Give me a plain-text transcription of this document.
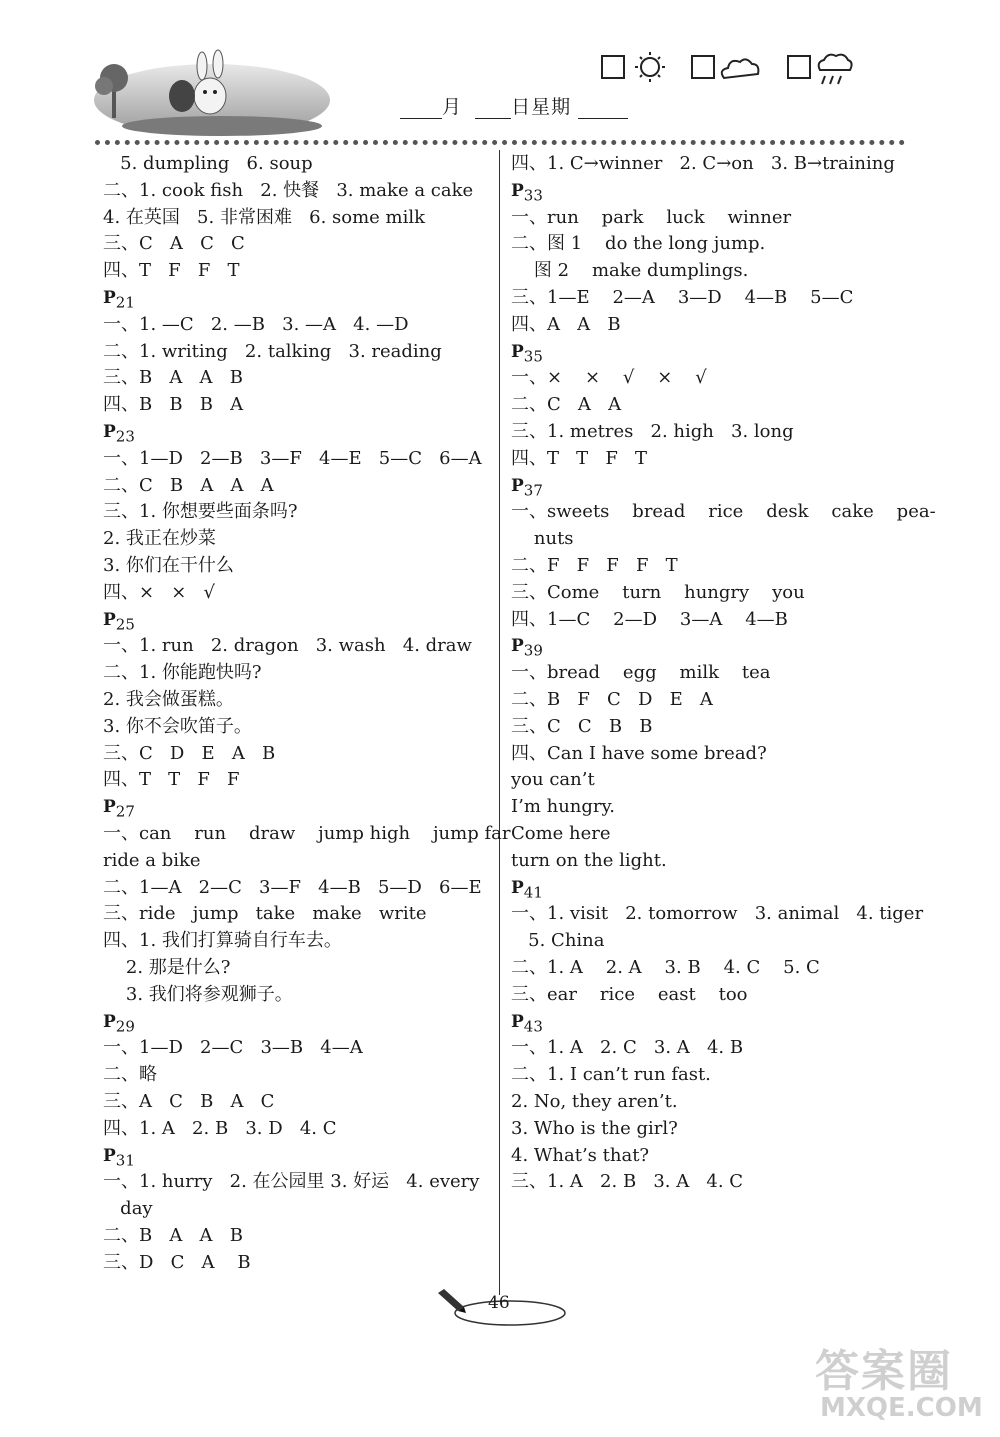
月	日星期
5. dumpling   6. soup
二、1. cook fish   2. 快餐   3. make a cake
4. 在英国   5. 非常困难   6. some milk
三、C   A   C   C
四、T   F   F   T
$P_{21}$
一、1. —C   2. —B   3. —A   4. —D
二、1. writing   2. talking   3. reading
三、B   A   A   B
四、B   B   B   A
$P_{23}$
一、1—D   2—B   3—F   4—E   5—C   6—A
二、C   B   A   A   A
三、1. 你想要些面条吗?
2. 我正在炒菜
3. 你们在干什么
四、×   ×   √
$P_{25}$
一、1. run   2. dragon   3. wash   4. draw
二、1. 你能跑快吗?
2. 我会做蛋糕。
3. 你不会吹笛子。
三、C   D   E   A   B
四、T   T   F   F
$P_{27}$
一、can    run    draw    jump high    jump far
ride a bike
二、1—A   2—C   3—F   4—B   5—D   6—E
三、ride   jump   take   make   write
四、1. 我们打算骑自行车去。
2. 那是什么?
3. 我们将参观狮子。
$P_{29}$
一、1—D   2—C   3—B   4—A
二、略
三、A   C   B   A   C
四、1. A   2. B   3. D   4. C
$P_{31}$
一、1. hurry   2. 在公园里 3. 好运   4. every
day
二、B   A   A   B
三、D   C   A    B
四、1. C→winner   2. C→on   3. B→training
$P_{33}$
一、run    park    luck    winner
二、图 1    do the long jump.
图 2    make dumplings.
三、1—E    2—A    3—D    4—B    5—C
四、A   A   B
$P_{35}$
一、×    ×    √    ×    √
二、C   A   A
三、1. metres   2. high   3. long
四、T   T   F   T
$P_{37}$
一、sweets    bread    rice    desk    cake    pea-
nuts
二、F   F   F   F   T
三、Come    turn    hungry    you
四、1—C    2—D    3—A    4—B
$P_{39}$
一、bread    egg    milk    tea
二、B   F   C   D   E   A
三、C   C   B   B
四、Can I have some bread?
you can’t
I’m hungry.
Come here
turn on the light.
$P_{41}$
一、1. visit   2. tomorrow   3. animal   4. tiger
5. China
二、1. A    2. A    3. B    4. C    5. C
三、ear    rice    east    too
$P_{43}$
一、1. A   2. C   3. A   4. B
二、1. I can’t run fast.
2. No, they aren’t.
3. Who is the girl?
4. What’s that?
三、1. A   2. B   3. A   4. C
46
答案圈
MXQE.COM
